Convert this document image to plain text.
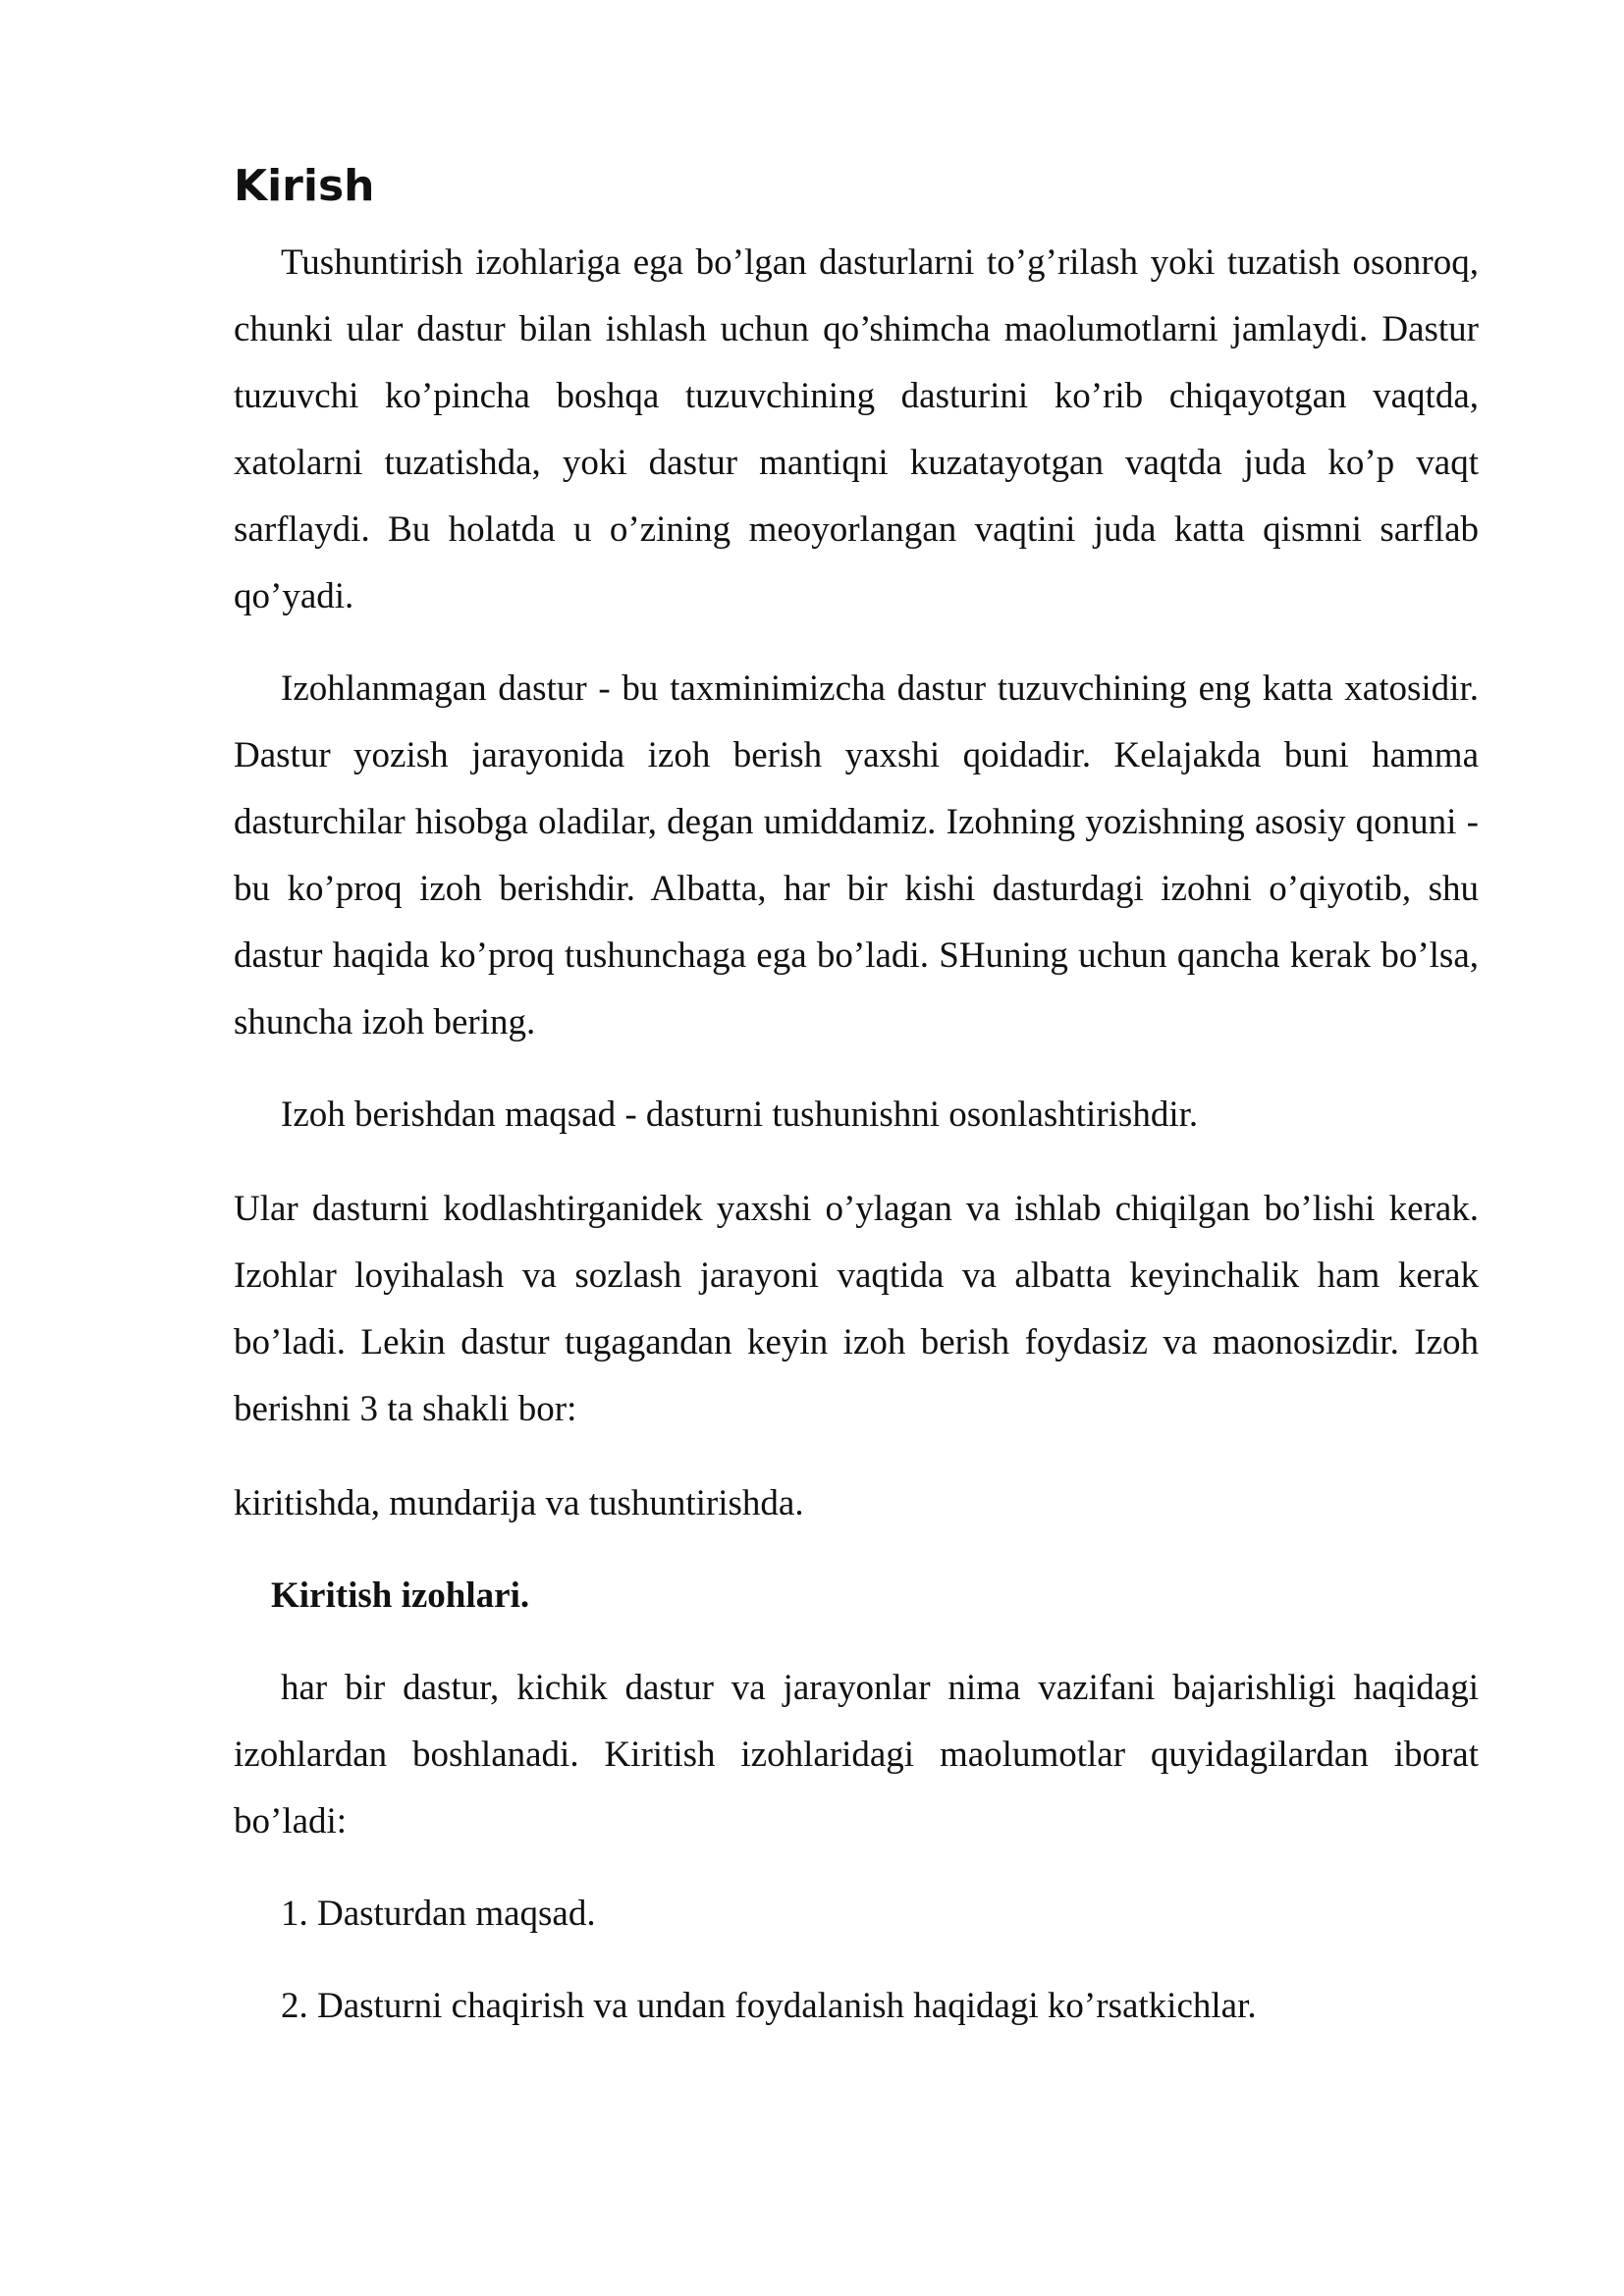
Kirish

Tushuntirish izohlariga ega bo’lgan dasturlarni to’g’rilash yoki tuzatish osonroq, chunki ular dastur bilan ishlash uchun qo’shimcha maolumotlarni jamlaydi. Dastur tuzuvchi ko’pincha boshqa tuzuvchining dasturini ko’rib chiqayotgan vaqtda, xatolarni tuzatishda, yoki dastur mantiqni kuzatayotgan vaqtda juda ko’p vaqt sarflaydi. Bu holatda u o’zining meoyorlangan vaqtini juda katta qismni sarflab qo’yadi.

Izohlanmagan dastur - bu taxminimizcha dastur tuzuvchining eng katta xatosidir. Dastur yozish jarayonida izoh berish yaxshi qoidadir. Kelajakda buni hamma dasturchilar hisobga oladilar, degan umiddamiz. Izohning yozishning asosiy qonuni - bu ko’proq izoh berishdir. Albatta, har bir kishi dasturdagi izohni o’qiyotib, shu dastur haqida ko’proq tushunchaga ega bo’ladi. SHuning uchun qancha kerak bo’lsa, shuncha izoh bering.

Izoh berishdan maqsad - dasturni tushunishni osonlashtirishdir.

Ular dasturni kodlashtirganidek yaxshi o’ylagan va ishlab chiqilgan bo’lishi kerak. Izohlar loyihalash va sozlash jarayoni vaqtida va albatta keyinchalik ham kerak bo’ladi. Lekin dastur tugagandan keyin izoh berish foydasiz va maonosizdir. Izoh berishni 3 ta shakli bor:

kiritishda, mundarija va tushuntirishda.

Kiritish izohlari.

har bir dastur, kichik dastur va jarayonlar nima vazifani bajarishligi haqidagi izohlardan boshlanadi. Kiritish izohlaridagi maolumotlar quyidagilardan iborat bo’ladi:

1. Dasturdan maqsad.
2. Dasturni chaqirish va undan foydalanish haqidagi ko’rsatkichlar.
